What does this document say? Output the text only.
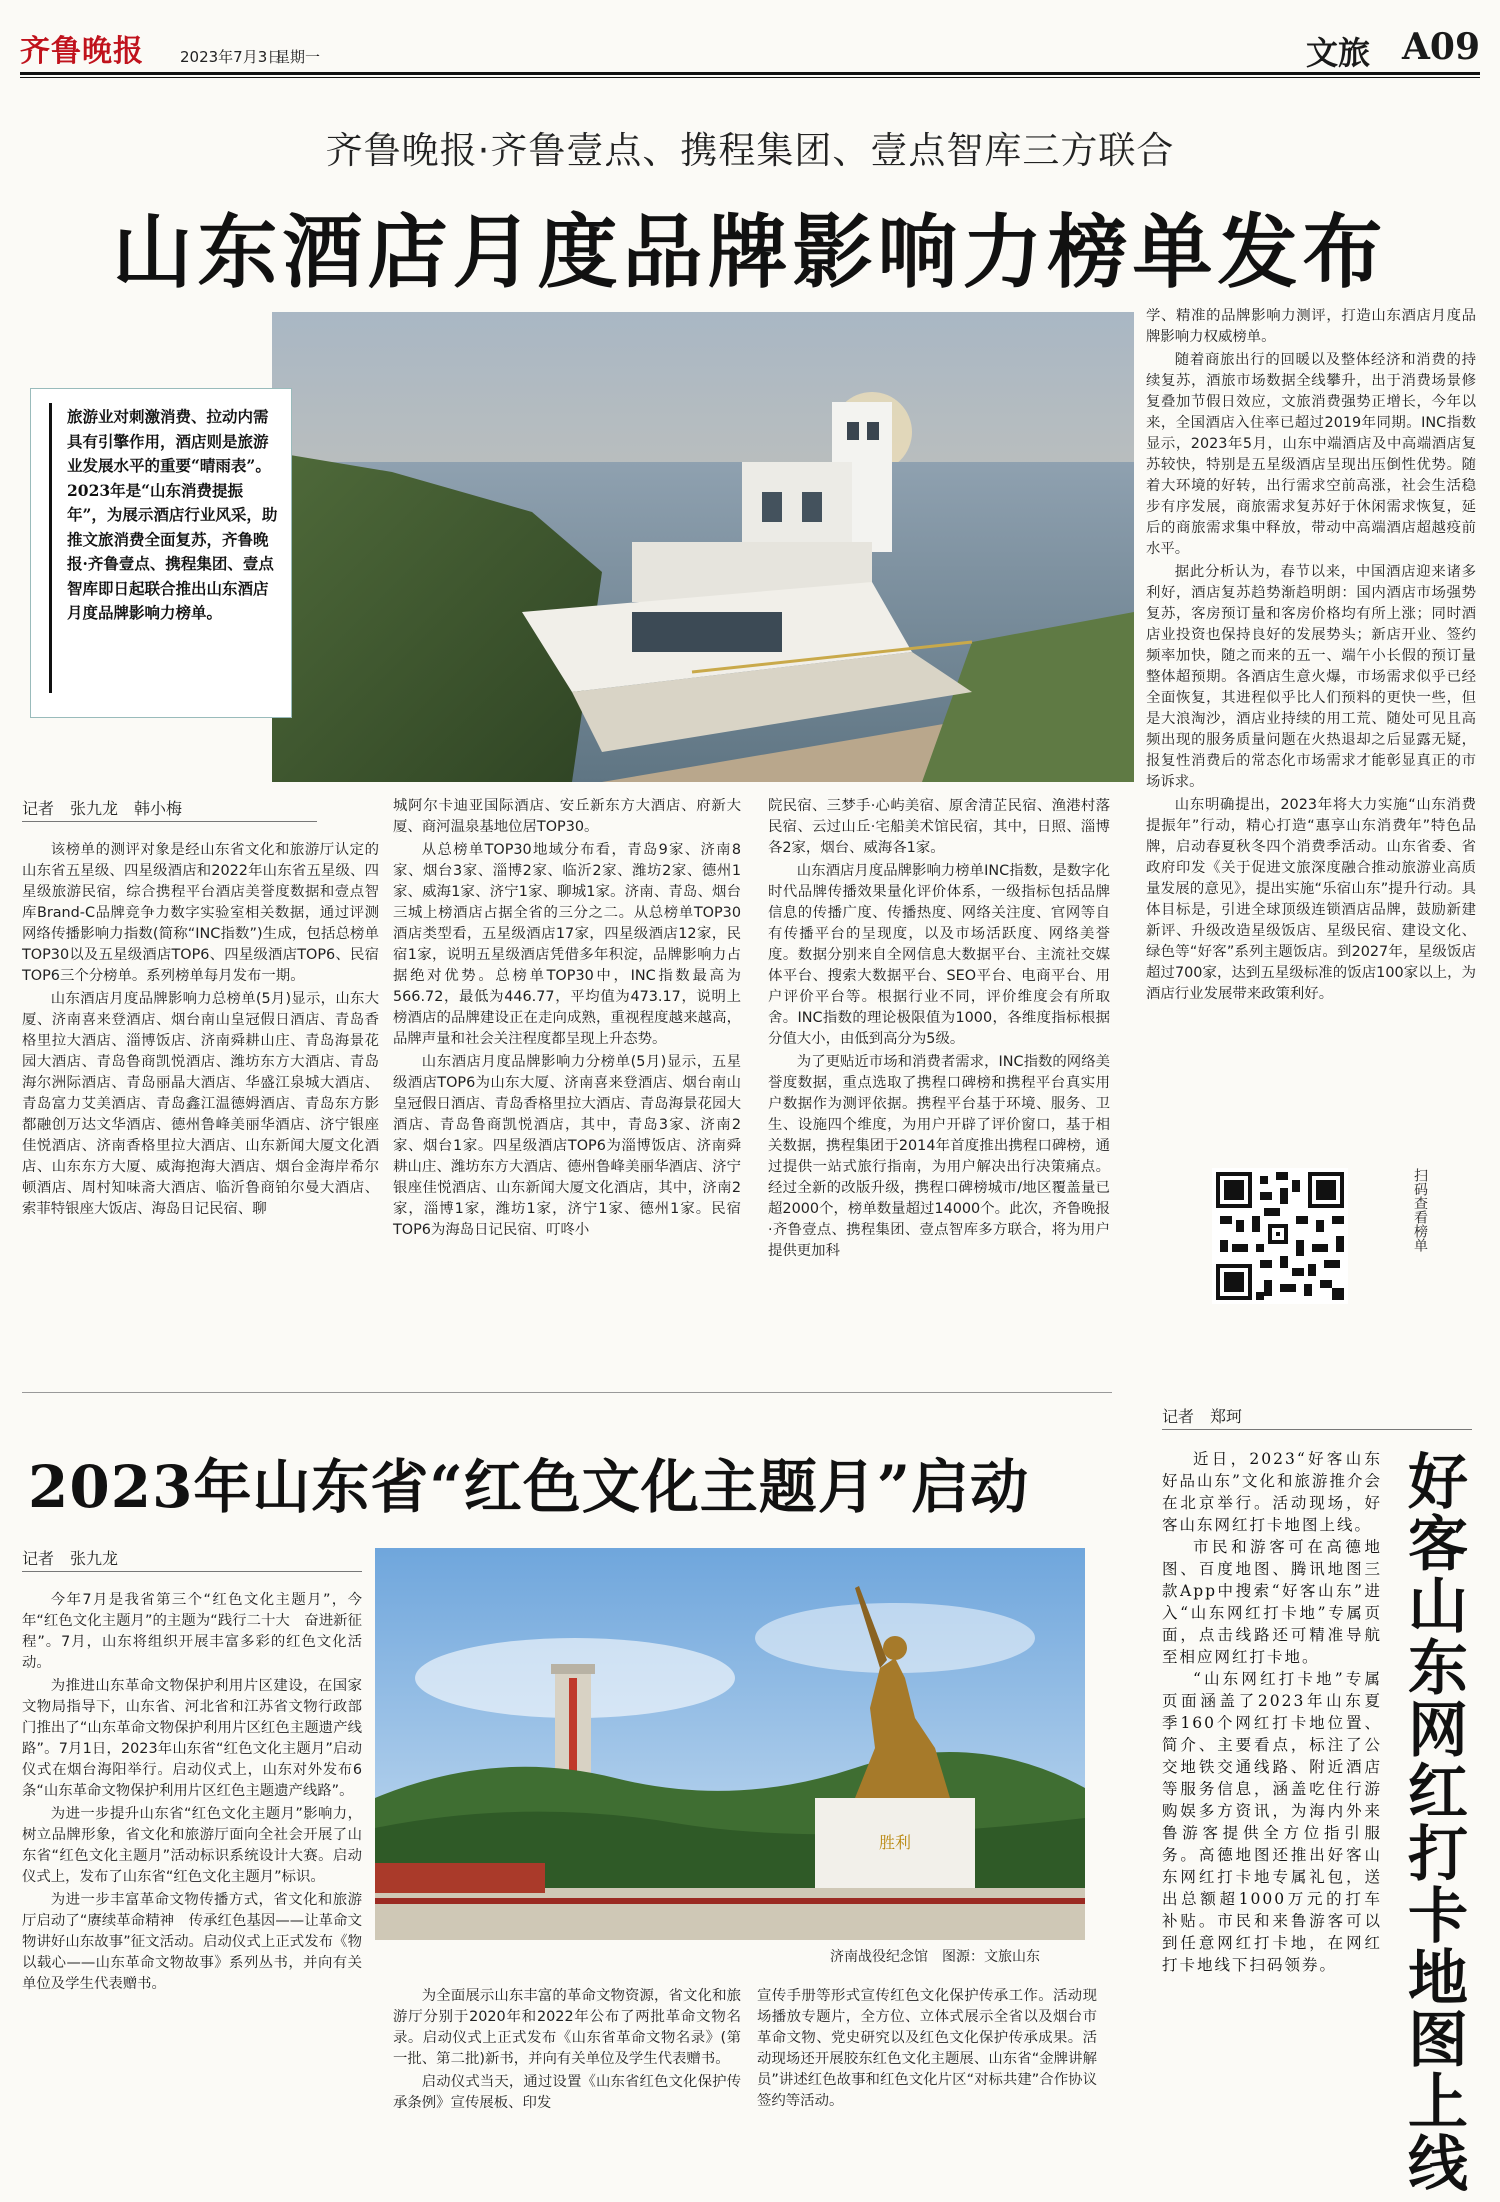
齐鲁晚报 2023年7月3日
星期一	文旅 A09
齐鲁晚报·齐鲁壹点、携程集团、壹点智库三方联合
山东酒店月度品牌影响力榜单发布
旅游业对刺激消费、拉动内需具有引擎作用，酒店则是旅游业发展水平的重要“晴雨表”。2023年是“山东消费提振年”，为展示酒店行业风采，助推文旅消费全面复苏，齐鲁晚报·齐鲁壹点、携程集团、壹点智库即日起联合推出山东酒店月度品牌影响力榜单。
记者　张九龙　韩小梅

该榜单的测评对象是经山东省文化和旅游厅认定的山东省五星级、四星级酒店和2022年山东省五星级、四星级旅游民宿，综合携程平台酒店美誉度数据和壹点智库Brand-C品牌竞争力数字实验室相关数据，通过评测网络传播影响力指数(简称“INC指数”)生成，包括总榜单TOP30以及五星级酒店TOP6、四星级酒店TOP6、民宿TOP6三个分榜单。系列榜单每月发布一期。

山东酒店月度品牌影响力总榜单(5月)显示，山东大厦、济南喜来登酒店、烟台南山皇冠假日酒店、青岛香格里拉大酒店、淄博饭店、济南舜耕山庄、青岛海景花园大酒店、青岛鲁商凯悦酒店、潍坊东方大酒店、青岛海尔洲际酒店、青岛丽晶大酒店、华盛江泉城大酒店、青岛富力艾美酒店、青岛鑫江温德姆酒店、青岛东方影都融创万达文华酒店、德州鲁峰美丽华酒店、济宁银座佳悦酒店、济南香格里拉大酒店、山东新闻大厦文化酒店、山东东方大厦、威海抱海大酒店、烟台金海岸希尔顿酒店、周村知味斋大酒店、临沂鲁商铂尔曼大酒店、索菲特银座大饭店、海岛日记民宿、聊

城阿尔卡迪亚国际酒店、安丘新东方大酒店、府新大厦、商河温泉基地位居TOP30。

从总榜单TOP30地域分布看，青岛9家、济南8家、烟台3家、淄博2家、临沂2家、潍坊2家、德州1家、威海1家、济宁1家、聊城1家。济南、青岛、烟台三城上榜酒店占据全省的三分之二。从总榜单TOP30酒店类型看，五星级酒店17家，四星级酒店12家，民宿1家，说明五星级酒店凭借多年积淀，品牌影响力占据绝对优势。总榜单TOP30中，INC指数最高为566.72，最低为446.77，平均值为473.17，说明上榜酒店的品牌建设正在走向成熟，重视程度越来越高，品牌声量和社会关注程度都呈现上升态势。

山东酒店月度品牌影响力分榜单(5月)显示，五星级酒店TOP6为山东大厦、济南喜来登酒店、烟台南山皇冠假日酒店、青岛香格里拉大酒店、青岛海景花园大酒店、青岛鲁商凯悦酒店，其中，青岛3家、济南2家、烟台1家。四星级酒店TOP6为淄博饭店、济南舜耕山庄、潍坊东方大酒店、德州鲁峰美丽华酒店、济宁银座佳悦酒店、山东新闻大厦文化酒店，其中，济南2家，淄博1家，潍坊1家，济宁1家、德州1家。民宿TOP6为海岛日记民宿、叮咚小

院民宿、三梦手·心屿美宿、原舍清芷民宿、渔港村落民宿、云过山丘·宅船美术馆民宿，其中，日照、淄博各2家，烟台、威海各1家。

山东酒店月度品牌影响力榜单INC指数，是数字化时代品牌传播效果量化评价体系，一级指标包括品牌信息的传播广度、传播热度、网络关注度、官网等自有传播平台的呈现度，以及市场活跃度、网络美誉度。数据分别来自全网信息大数据平台、主流社交媒体平台、搜索大数据平台、SEO平台、电商平台、用户评价平台等。根据行业不同，评价维度会有所取舍。INC指数的理论极限值为1000，各维度指标根据分值大小，由低到高分为5级。

为了更贴近市场和消费者需求，INC指数的网络美誉度数据，重点选取了携程口碑榜和携程平台真实用户数据作为测评依据。携程平台基于环境、服务、卫生、设施四个维度，为用户开辟了评价窗口，基于相关数据，携程集团于2014年首度推出携程口碑榜，通过提供一站式旅行指南，为用户解决出行决策痛点。经过全新的改版升级，携程口碑榜城市/地区覆盖量已超2000个，榜单数量超过14000个。此次，齐鲁晚报·齐鲁壹点、携程集团、壹点智库多方联合，将为用户提供更加科

学、精准的品牌影响力测评，打造山东酒店月度品牌影响力权威榜单。

随着商旅出行的回暖以及整体经济和消费的持续复苏，酒旅市场数据全线攀升，出于消费场景修复叠加节假日效应，文旅消费强势正增长，今年以来，全国酒店入住率已超过2019年同期。INC指数显示，2023年5月，山东中端酒店及中高端酒店复苏较快，特别是五星级酒店呈现出压倒性优势。随着大环境的好转，出行需求空前高涨，社会生活稳步有序发展，商旅需求复苏好于休闲需求恢复，延后的商旅需求集中释放，带动中高端酒店超越疫前水平。

据此分析认为，春节以来，中国酒店迎来诸多利好，酒店复苏趋势渐趋明朗：国内酒店市场强势复苏，客房预订量和客房价格均有所上涨；同时酒店业投资也保持良好的发展势头；新店开业、签约频率加快，随之而来的五一、端午小长假的预订量整体超预期。各酒店生意火爆，市场需求似乎已经全面恢复，其进程似乎比人们预料的更快一些，但是大浪淘沙，酒店业持续的用工荒、随处可见且高频出现的服务质量问题在火热退却之后显露无疑，报复性消费后的常态化市场需求才能彰显真正的市场诉求。

山东明确提出，2023年将大力实施“山东消费提振年”行动，精心打造“惠享山东消费年”特色品牌，启动春夏秋冬四个消费季活动。山东省委、省政府印发《关于促进文旅深度融合推动旅游业高质量发展的意见》，提出实施“乐宿山东”提升行动。具体目标是，引进全球顶级连锁酒店品牌，鼓励新建新评、升级改造星级饭店、星级民宿、建设文化、绿色等“好客”系列主题饭店。到2027年，星级饭店超过700家，达到五星级标准的饭店100家以上，为酒店行业发展带来政策利好。

扫码查看榜单
2023年山东省“红色文化主题月”启动
记者　张九龙

今年7月是我省第三个“红色文化主题月”，今年“红色文化主题月”的主题为“践行二十大　奋进新征程”。7月，山东将组织开展丰富多彩的红色文化活动。

为推进山东革命文物保护利用片区建设，在国家文物局指导下，山东省、河北省和江苏省文物行政部门推出了“山东革命文物保护利用片区红色主题遗产线路”。7月1日，2023年山东省“红色文化主题月”启动仪式在烟台海阳举行。启动仪式上，山东对外发布6条“山东革命文物保护利用片区红色主题遗产线路”。

为进一步提升山东省“红色文化主题月”影响力，树立品牌形象，省文化和旅游厅面向全社会开展了山东省“红色文化主题月”活动标识系统设计大赛。启动仪式上，发布了山东省“红色文化主题月”标识。

为进一步丰富革命文物传播方式，省文化和旅游厅启动了“赓续革命精神　传承红色基因——让革命文物讲好山东故事”征文活动。启动仪式上正式发布《物以载心——山东革命文物故事》系列丛书，并向有关单位及学生代表赠书。

胜利
济南战役纪念馆　图源：文旅山东

为全面展示山东丰富的革命文物资源，省文化和旅游厅分别于2020年和2022年公布了两批革命文物名录。启动仪式上正式发布《山东省革命文物名录》(第一批、第二批)新书，并向有关单位及学生代表赠书。

启动仪式当天，通过设置《山东省红色文化保护传承条例》宣传展板、印发

宣传手册等形式宣传红色文化保护传承工作。活动现场播放专题片，全方位、立体式展示全省以及烟台市革命文物、党史研究以及红色文化保护传承成果。活动现场还开展胶东红色文化主题展、山东省“金牌讲解员”讲述红色故事和红色文化片区“对标共建”合作协议签约等活动。

记者　郑珂
好客山东网红打卡地图上线

近日，2023“好客山东　好品山东”文化和旅游推介会在北京举行。活动现场，好客山东网红打卡地图上线。

市民和游客可在高德地图、百度地图、腾讯地图三款App中搜索“好客山东”进入“山东网红打卡地”专属页面，点击线路还可精准导航至相应网红打卡地。

“山东网红打卡地”专属页面涵盖了2023年山东夏季160个网红打卡地位置、简介、主要看点，标注了公交地铁交通线路、附近酒店等服务信息，涵盖吃住行游购娱多方资讯，为海内外来鲁游客提供全方位指引服务。高德地图还推出好客山东网红打卡地专属礼包，送出总额超1000万元的打车补贴。市民和来鲁游客可以到任意网红打卡地，在网红打卡地线下扫码领券。
